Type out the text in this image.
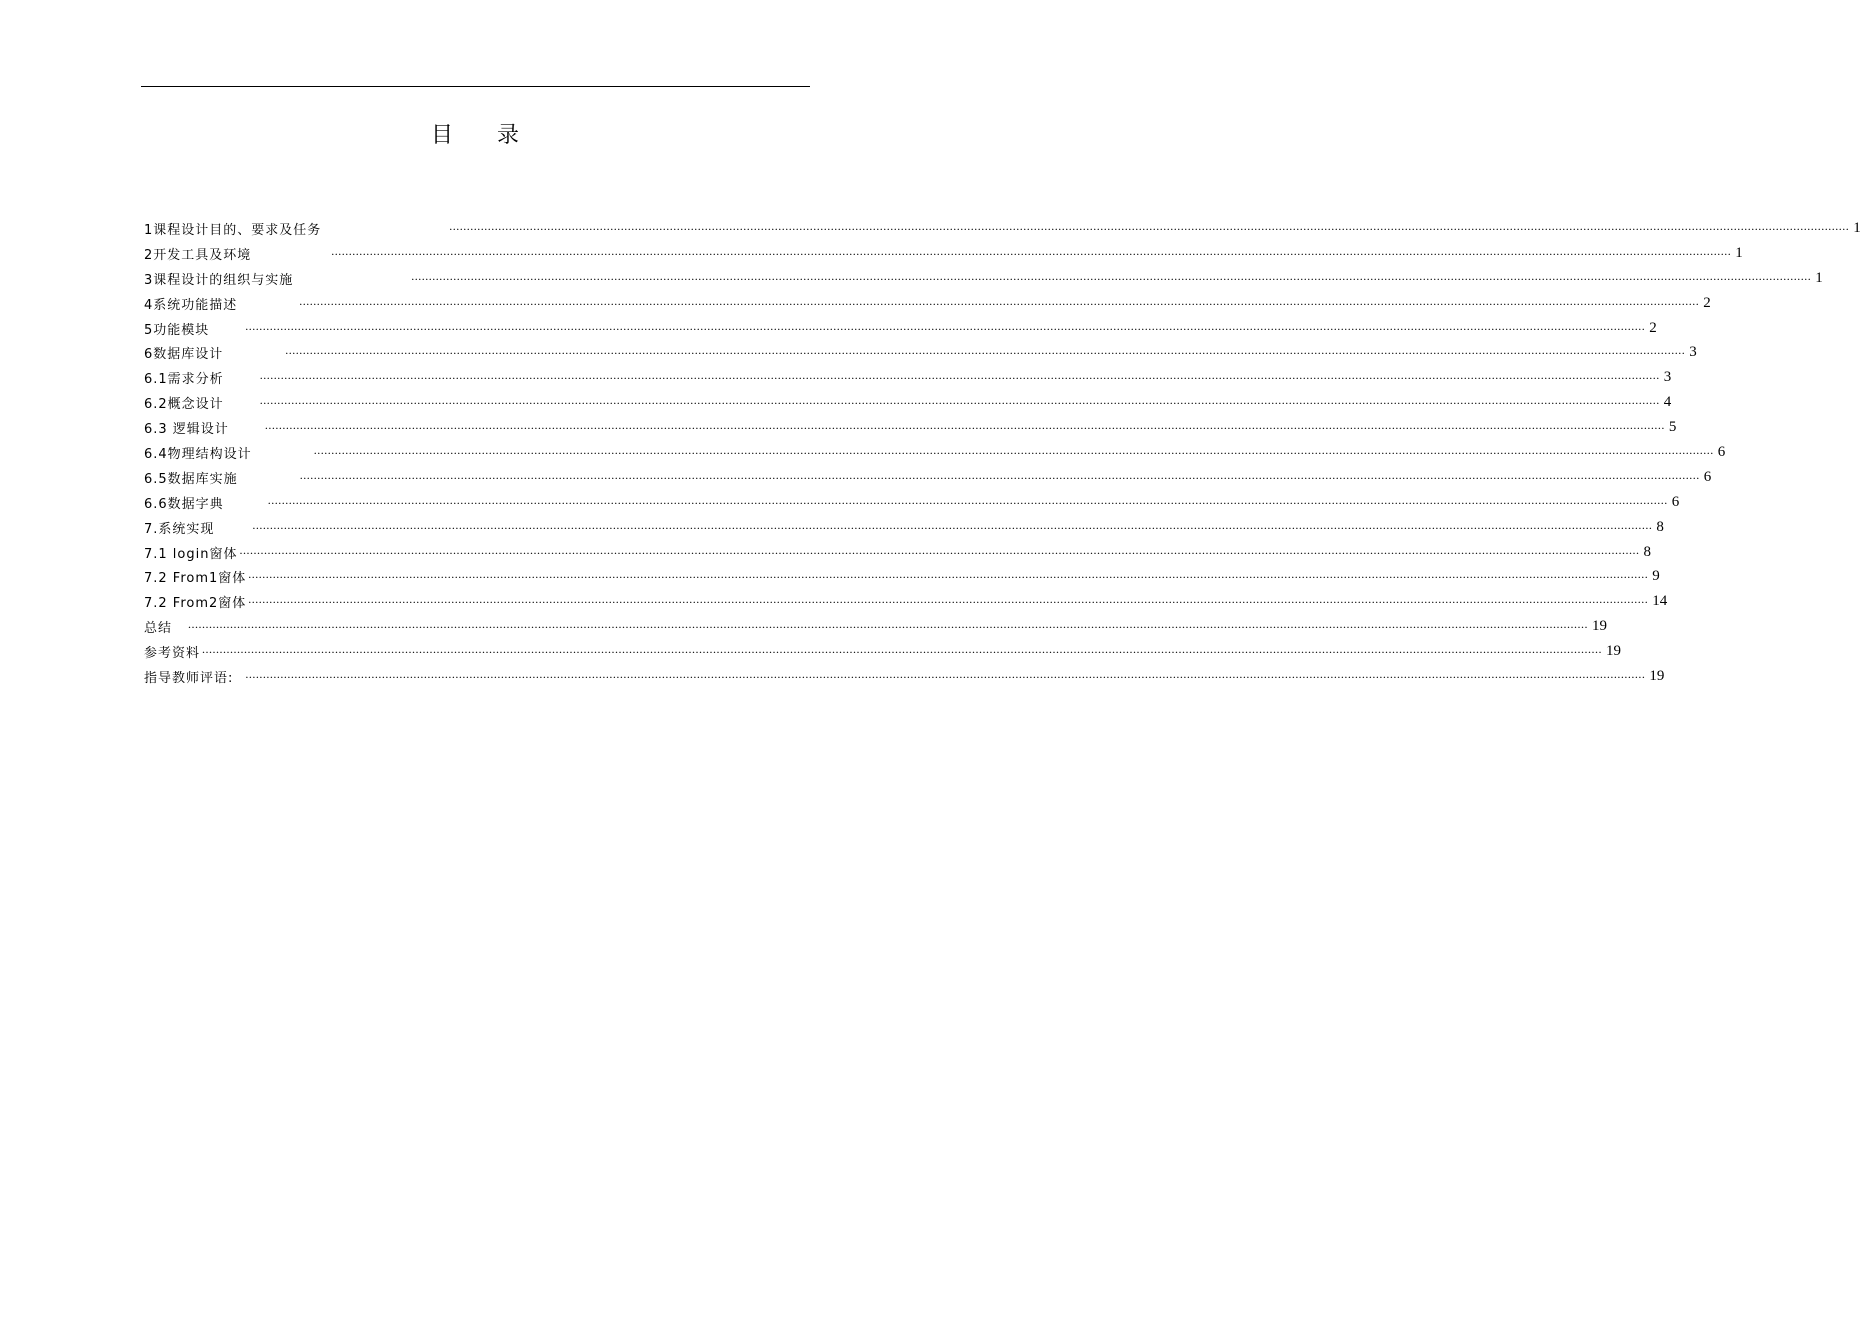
目录
1课程设计目的、要求及任务	................................................................................................................................................................................................................................................................................................................................................................................................................ 1
2开发工具及环境	................................................................................................................................................................................................................................................................................................................................................................................................................ 1
3课程设计的组织与实施	................................................................................................................................................................................................................................................................................................................................................................................................................ 1
4系统功能描述	................................................................................................................................................................................................................................................................................................................................................................................................................ 2
5功能模块	................................................................................................................................................................................................................................................................................................................................................................................................................ 2
6数据库设计	................................................................................................................................................................................................................................................................................................................................................................................................................ 3
6.1需求分析	................................................................................................................................................................................................................................................................................................................................................................................................................ 3
6.2概念设计	................................................................................................................................................................................................................................................................................................................................................................................................................ 4
6.3 逻辑设计	................................................................................................................................................................................................................................................................................................................................................................................................................ 5
6.4物理结构设计	................................................................................................................................................................................................................................................................................................................................................................................................................ 6
6.5数据库实施	................................................................................................................................................................................................................................................................................................................................................................................................................ 6
6.6数据字典	................................................................................................................................................................................................................................................................................................................................................................................................................ 6
7.系统实现	................................................................................................................................................................................................................................................................................................................................................................................................................ 8
7.1 login窗体 ................................................................................................................................................................................................................................................................................................................................................................................................................ 8
7.2 From1窗体 ................................................................................................................................................................................................................................................................................................................................................................................................................ 9
7.2 From2窗体 ................................................................................................................................................................................................................................................................................................................................................................................................................ 14
总结 ................................................................................................................................................................................................................................................................................................................................................................................................................ 19
参考资料 ................................................................................................................................................................................................................................................................................................................................................................................................................ 19
指导教师评语: ................................................................................................................................................................................................................................................................................................................................................................................................................ 19
